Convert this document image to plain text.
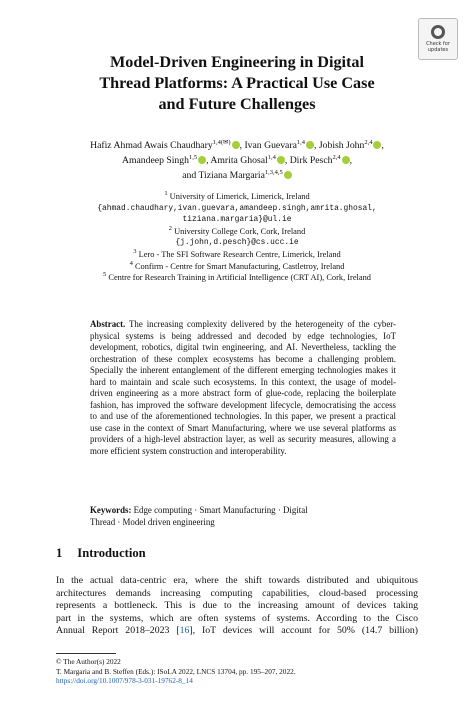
Check for
updates
Model-Driven Engineering in Digital
Thread Platforms: A Practical Use Case
and Future Challenges
Hafiz Ahmad Awais Chaudhary$^{1,4(✉)}$ , Ivan Guevara$^{1,4}$ , Jobish John$^{2,4}$ ,
Amandeep Singh$^{1,5}$ , Amrita Ghosal$^{1,4}$ , Dirk Pesch$^{2,4}$ ,
and Tiziana Margaria$^{1,3,4,5}$
$^1$ University of Limerick, Limerick, Ireland
{ahmad.chaudhary,ivan.guevara,amandeep.singh,amrita.ghosal,
tiziana.margaria}@ul.ie
$^2$ University College Cork, Cork, Ireland
{j.john,d.pesch}@cs.ucc.ie
$^3$ Lero - The SFI Software Research Centre, Limerick, Ireland
$^4$ Confirm - Centre for Smart Manufacturing, Castletroy, Ireland
$^5$ Centre for Research Training in Artificial Intelligence (CRT AI), Cork, Ireland
Abstract. The increasing complexity delivered by the heterogeneity of the cyber-physical systems is being addressed and decoded by edge technologies, IoT development, robotics, digital twin engineering, and AI. Nevertheless, tackling the orchestration of these complex ecosystems has become a challenging problem. Specially the inherent entanglement of the different emerging technologies makes it hard to maintain and scale such ecosystems. In this context, the usage of model-driven engineering as a more abstract form of glue-code, replacing the boilerplate fashion, has improved the software development lifecycle, democratising the access to and use of the aforementioned technologies. In this paper, we present a practical use case in the context of Smart Manufacturing, where we use several platforms as providers of a high-level abstraction layer, as well as security measures, allowing a more efficient system construction and interoperability.
Keywords: Edge computing · Smart Manufacturing · Digital
Thread · Model driven engineering
1 Introduction
In the actual data-centric era, where the shift towards distributed and ubiquitous
architectures demands increasing computing capabilities, cloud-based processing
represents a bottleneck. This is due to the increasing amount of devices taking
part in the systems, which are often systems of systems. According to the Cisco
Annual Report 2018–2023 [16], IoT devices will account for 50% (14.7 billion)
© The Author(s) 2022
T. Margaria and B. Steffen (Eds.): ISoLA 2022, LNCS 13704, pp. 195–207, 2022.
https://doi.org/10.1007/978-3-031-19762-8_14
